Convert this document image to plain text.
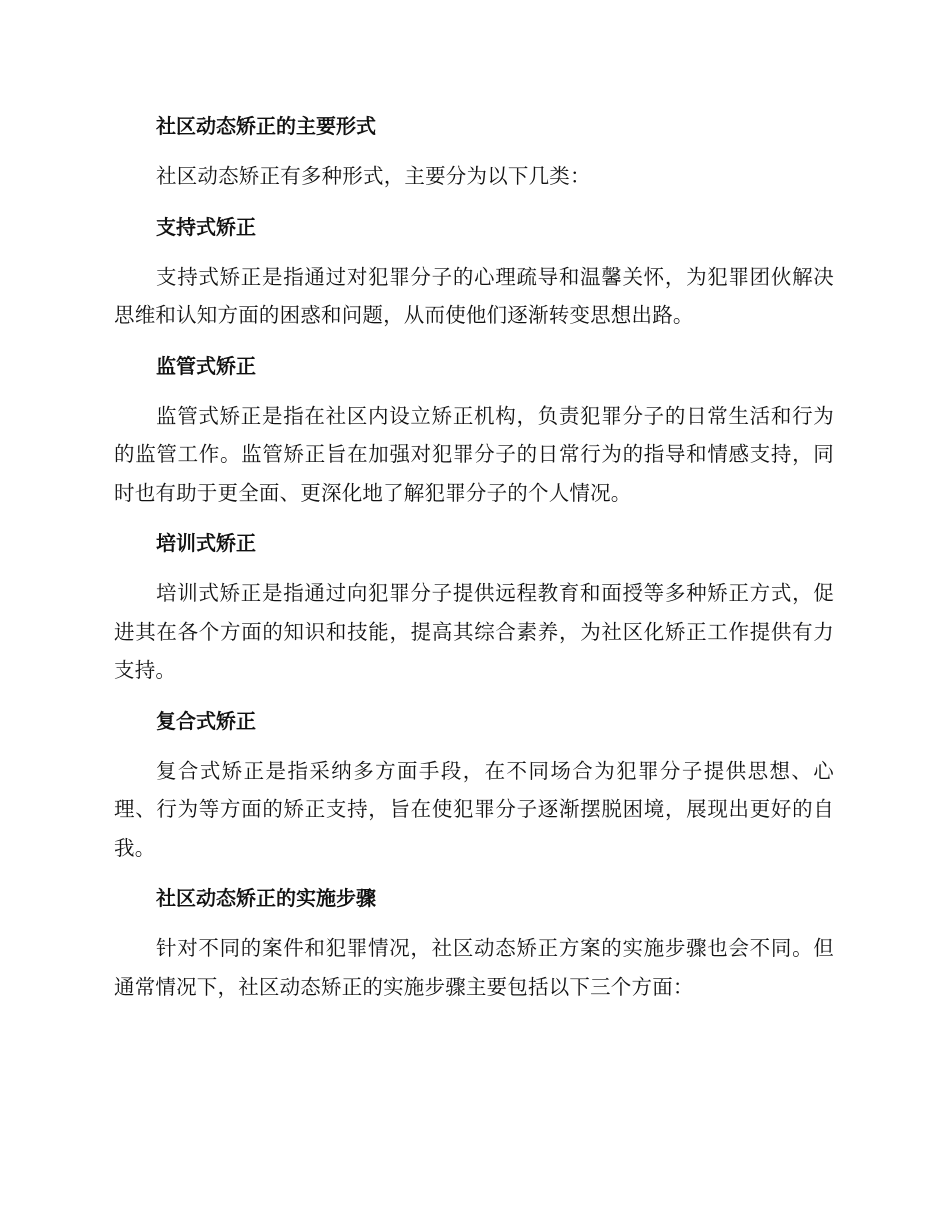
社区动态矫正的主要形式

社区动态矫正有多种形式，主要分为以下几类：

支持式矫正

支持式矫正是指通过对犯罪分子的心理疏导和温馨关怀，为犯罪团伙解决思维和认知方面的困惑和问题，从而使他们逐渐转变思想出路。

监管式矫正

监管式矫正是指在社区内设立矫正机构，负责犯罪分子的日常生活和行为的监管工作。监管矫正旨在加强对犯罪分子的日常行为的指导和情感支持，同时也有助于更全面、更深化地了解犯罪分子的个人情况。

培训式矫正

培训式矫正是指通过向犯罪分子提供远程教育和面授等多种矫正方式，促进其在各个方面的知识和技能，提高其综合素养，为社区化矫正工作提供有力支持。

复合式矫正

复合式矫正是指采纳多方面手段，在不同场合为犯罪分子提供思想、心理、行为等方面的矫正支持，旨在使犯罪分子逐渐摆脱困境，展现出更好的自我。

社区动态矫正的实施步骤

针对不同的案件和犯罪情况，社区动态矫正方案的实施步骤也会不同。但通常情况下，社区动态矫正的实施步骤主要包括以下三个方面：
